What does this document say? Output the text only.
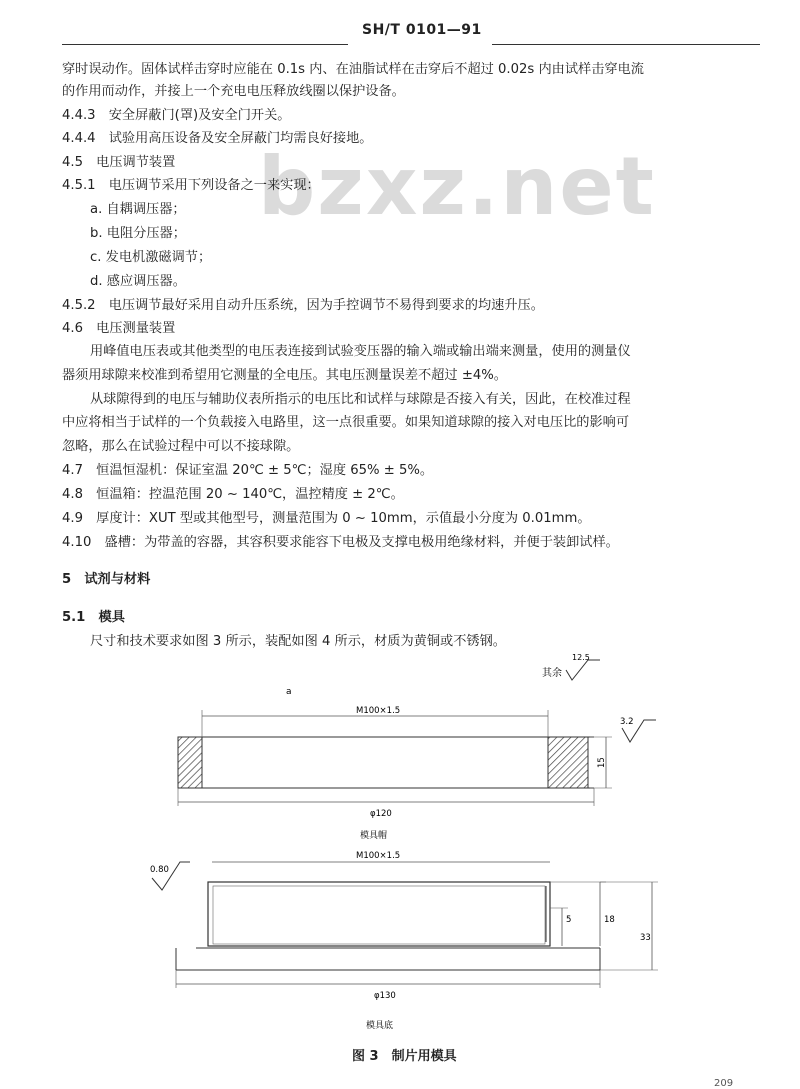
SH/T 0101—91
bzxz.net
穿时误动作。固体试样击穿时应能在 0.1s 内、在油脂试样在击穿后不超过 0.02s 内由试样击穿电流
的作用而动作，并接上一个充电电压释放线圈以保护设备。
4.4.3　安全屏蔽门(罩)及安全门开关。
4.4.4　试验用高压设备及安全屏蔽门均需良好接地。
4.5　电压调节装置
4.5.1　电压调节采用下列设备之一来实现：
a. 自耦调压器；
b. 电阻分压器；
c. 发电机激磁调节；
d. 感应调压器。
4.5.2　电压调节最好采用自动升压系统，因为手控调节不易得到要求的均速升压。
4.6　电压测量装置
用峰值电压表或其他类型的电压表连接到试验变压器的输入端或输出端来测量，使用的测量仪
器须用球隙来校准到希望用它测量的全电压。其电压测量误差不超过 ±4%。
从球隙得到的电压与辅助仪表所指示的电压比和试样与球隙是否接入有关，因此，在校准过程
中应将相当于试样的一个负载接入电路里，这一点很重要。如果知道球隙的接入对电压比的影响可
忽略，那么在试验过程中可以不接球隙。
4.7　恒温恒湿机：保证室温 20℃ ± 5℃；湿度 65% ± 5%。
4.8　恒温箱：控温范围 20 ~ 140℃，温控精度 ± 2℃。
4.9　厚度计：XUT 型或其他型号，测量范围为 0 ~ 10mm，示值最小分度为 0.01mm。
4.10　盛槽：为带盖的容器，其容积要求能容下电极及支撑电极用绝缘材料，并便于装卸试样。
5　试剂与材料
5.1　模具
尺寸和技术要求如图 3 所示，装配如图 4 所示，材质为黄铜或不锈钢。
其余
12.5
a
M100×1.5
15
3.2
φ120
模具帽
0.80
M100×1.5
5	18
33
φ130
模具底
图 3　制片用模具
209
